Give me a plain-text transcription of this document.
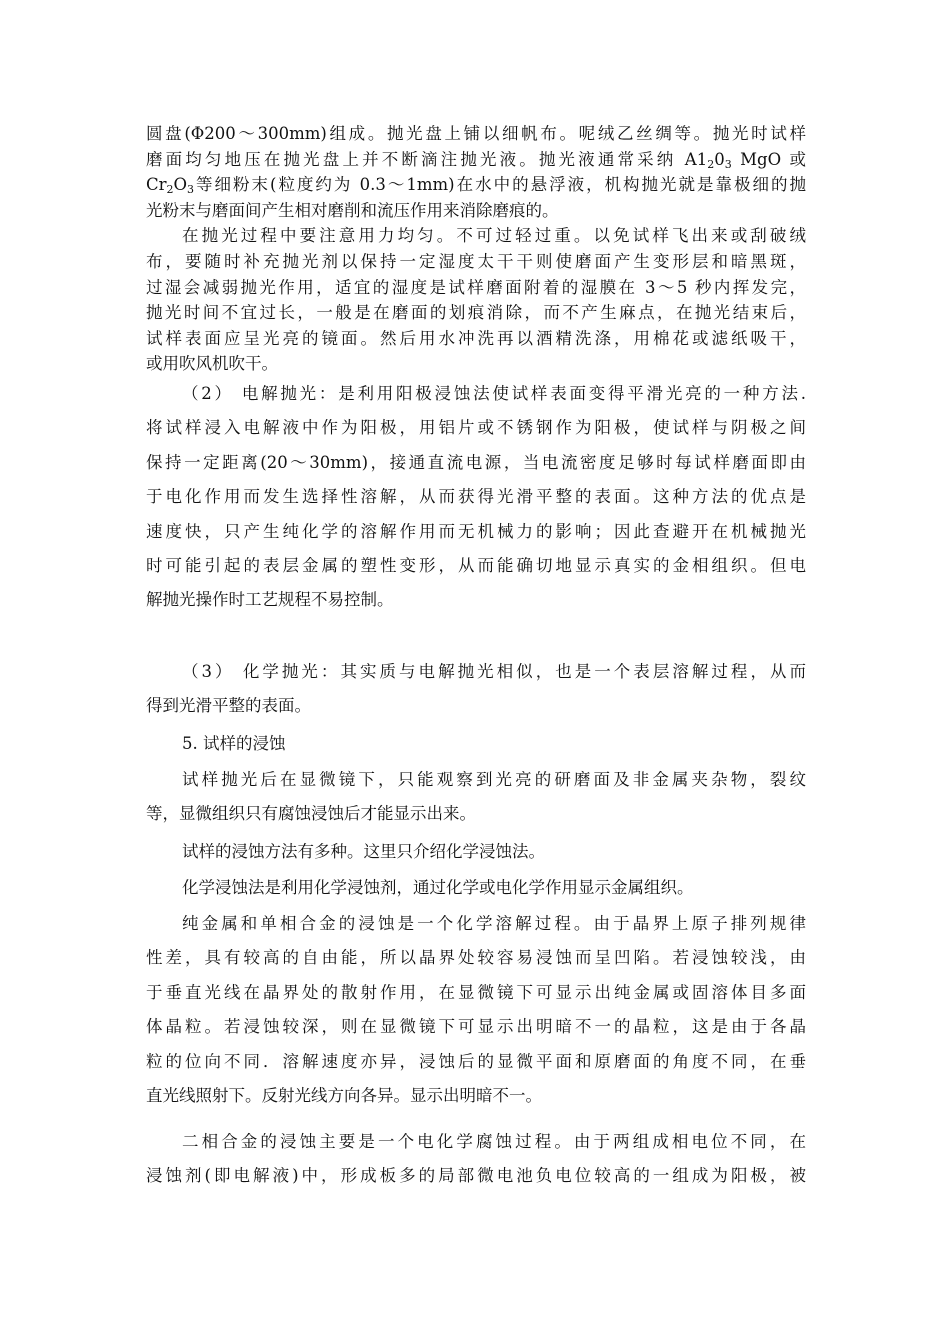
圆盘(Φ200～300mm)组成。抛光盘上铺以细帆布。呢绒乙丝绸等。抛光时试样
磨面均匀地压在抛光盘上并不断滴注抛光液。抛光液通常采纳 $A1_20_3$ MgO 或
$Cr_2O_3$等细粉末(粒度约为 0.3～1mm)在水中的悬浮液，机构抛光就是靠极细的抛
光粉末与磨面间产生相对磨削和流压作用来消除磨痕的。
在抛光过程中要注意用力均匀。不可过轻过重。以免试样飞出来或刮破绒
布，要随时补充抛光剂以保持一定湿度太干干则使磨面产生变形层和暗黑斑，
过湿会减弱抛光作用，适宜的湿度是试样磨面附着的湿膜在 3～5 秒内挥发完，
抛光时间不宜过长，一般是在磨面的划痕消除，而不产生麻点，在抛光结束后，
试样表面应呈光亮的镜面。然后用水冲洗再以酒精洗涤，用棉花或滤纸吸干，
或用吹风机吹干。
（2） 电解抛光：是利用阳极浸蚀法使试样表面变得平滑光亮的一种方法.
将试样浸入电解液中作为阳极，用铝片或不锈钢作为阳极，使试样与阴极之间
保持一定距离(20～30mm)，接通直流电源，当电流密度足够时每试样磨面即由
于电化作用而发生选择性溶解，从而获得光滑平整的表面。这种方法的优点是
速度快，只产生纯化学的溶解作用而无机械力的影响；因此查避开在机械抛光
时可能引起的表层金属的塑性变形，从而能确切地显示真实的金相组织。但电
解抛光操作时工艺规程不易控制。
（3） 化学抛光：其实质与电解抛光相似，也是一个表层溶解过程，从而
得到光滑平整的表面。
5. 试样的浸蚀
试样抛光后在显微镜下，只能观察到光亮的研磨面及非金属夹杂物，裂纹
等，显微组织只有腐蚀浸蚀后才能显示出来。
试样的浸蚀方法有多种。这里只介绍化学浸蚀法。
化学浸蚀法是利用化学浸蚀剂，通过化学或电化学作用显示金属组织。
纯金属和单相合金的浸蚀是一个化学溶解过程。由于晶界上原子排列规律
性差，具有较高的自由能，所以晶界处较容易浸蚀而呈凹陷。若浸蚀较浅，由
于垂直光线在晶界处的散射作用，在显微镜下可显示出纯金属或固溶体目多面
体晶粒。若浸蚀较深，则在显微镜下可显示出明暗不一的晶粒，这是由于各晶
粒的位向不同．溶解速度亦异，浸蚀后的显微平面和原磨面的角度不同，在垂
直光线照射下。反射光线方向各异。显示出明暗不一。
二相合金的浸蚀主要是一个电化学腐蚀过程。由于两组成相电位不同，在
浸蚀剂(即电解液)中，形成板多的局部微电池负电位较高的一组成为阳极，被
